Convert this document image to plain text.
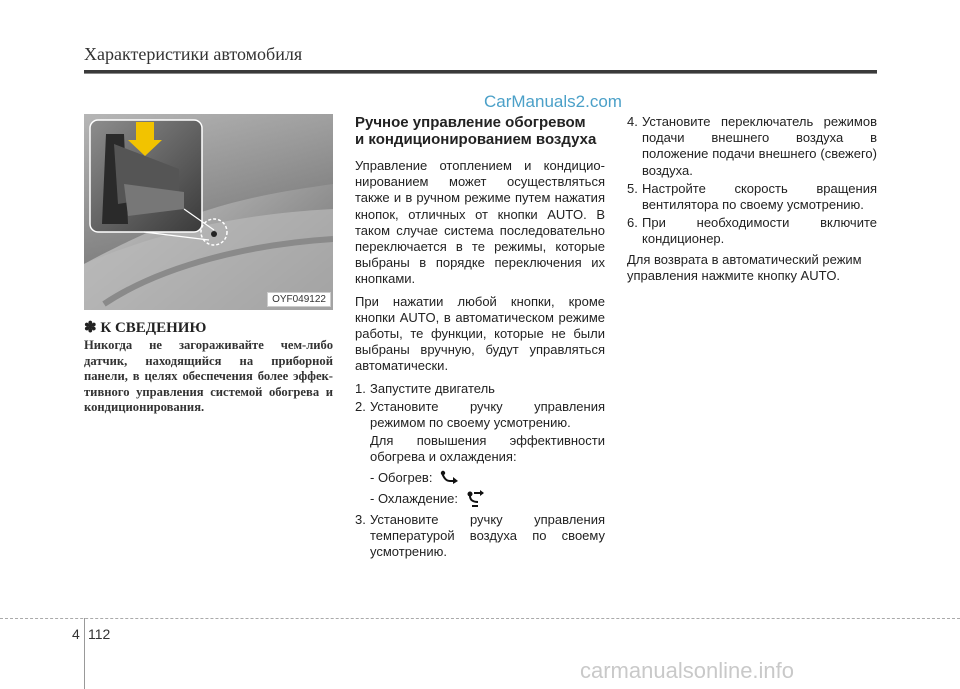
Характеристики автомобиля
CarManuals2.com
OYF049122
✽ К СВЕДЕНИЮ
Никогда не загораживайте чем-либо датчик, находящийся на приборной панели, в целях обеспечения более эффек-тивного управления системой обогрева и кондиционирования.
Ручное управление обогревом
и кондиционированием воздуха

Управление отоплением и кондицио-нированием может осуществляться также и в ручном режиме путем нажатия кнопок, отличных от кнопки AUTO. В таком случае система последовательно переключается в те режимы, которые выбраны в порядке переключения их кнопками.

При нажатии любой кнопки, кроме кнопки AUTO, в автоматическом режиме работы, те функции, которые не были выбраны вручную, будут управляться автоматически.

1. Запустите двигатель
2. Установите ручку управления режимом по своему усмотрению.
Для повышения эффективности обогрева и охлаждения:
- Обогрев:
- Охлаждение:
3. Установите ручку управления температурой воздуха по своему усмотрению.
4. Установите переключатель режимов подачи внешнего воздуха в положение подачи внешнего (свежего) воздуха.
5. Настройте скорость вращения вентилятора по своему усмотрению.
6. При необходимости включите кондиционер.

Для возврата в автоматический режим управления нажмите кнопку AUTO.

4 112
carmanualsonline.info
